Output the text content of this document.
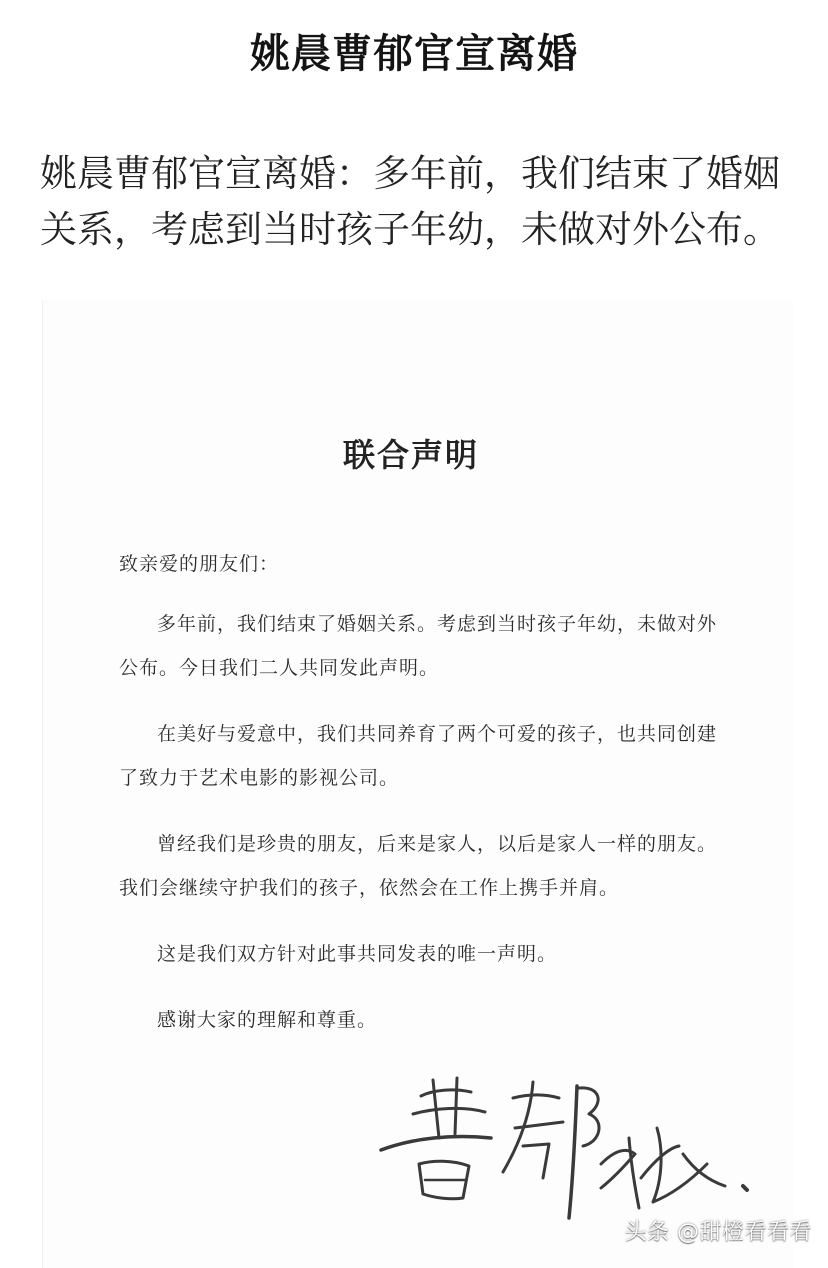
姚晨曹郁官宣离婚

姚晨曹郁官宣离婚：多年前，我们结束了婚姻关系，考虑到当时孩子年幼，未做对外公布。

联合声明

致亲爱的朋友们：

多年前，我们结束了婚姻关系。考虑到当时孩子年幼，未做对外公布。今日我们二人共同发此声明。

在美好与爱意中，我们共同养育了两个可爱的孩子，也共同创建了致力于艺术电影的影视公司。

曾经我们是珍贵的朋友，后来是家人，以后是家人一样的朋友。我们会继续守护我们的孩子，依然会在工作上携手并肩。

这是我们双方针对此事共同发表的唯一声明。

感谢大家的理解和尊重。

头条 @甜橙看看看
